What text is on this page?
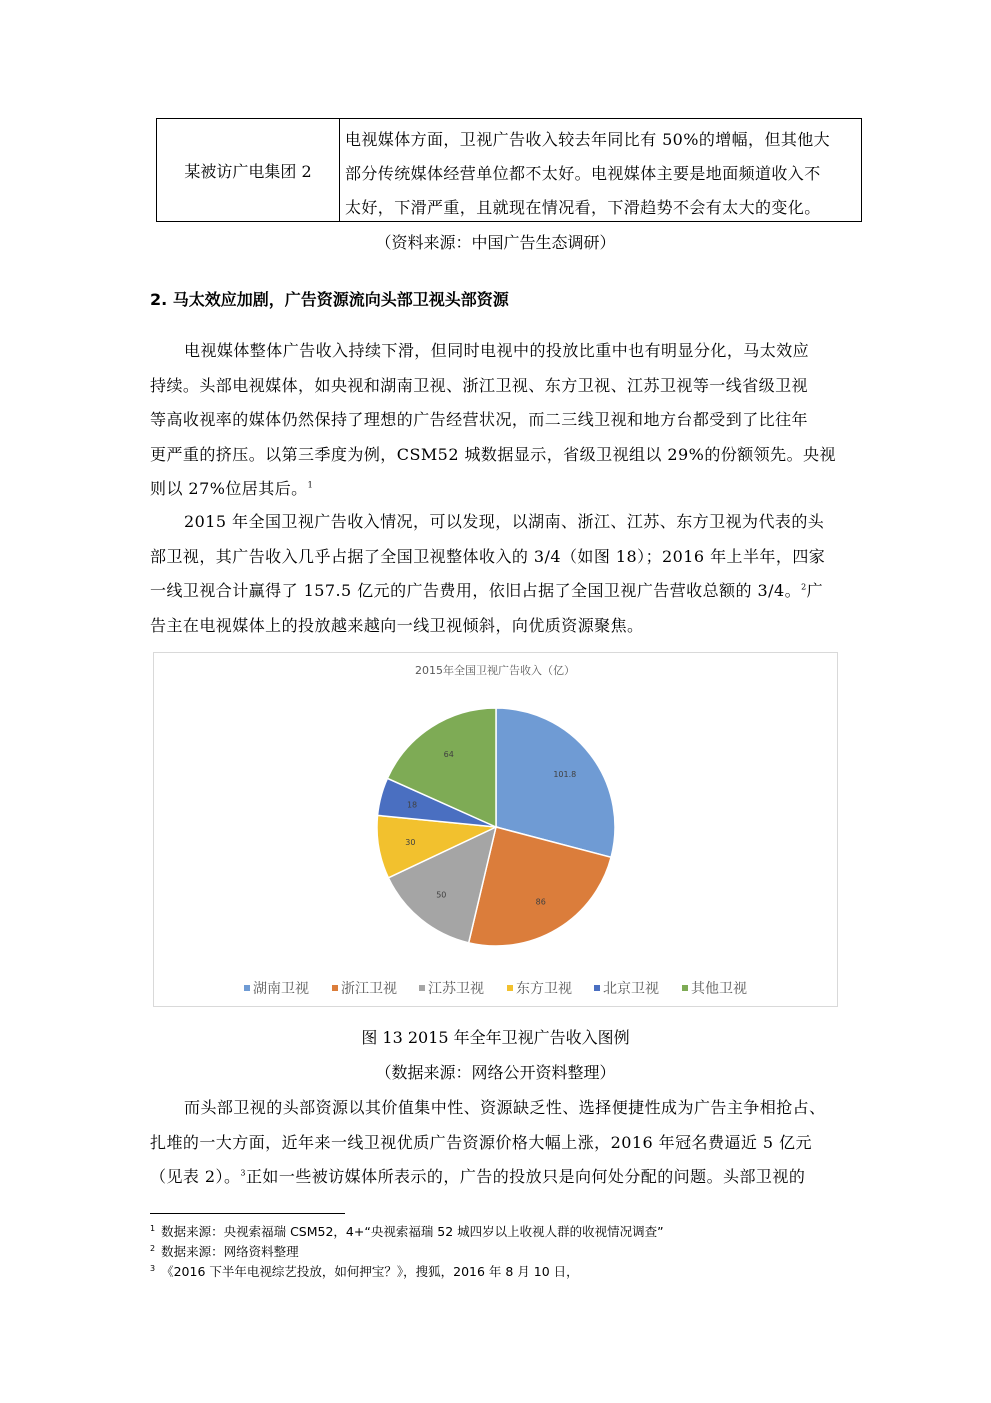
某被访广电集团 2
电视媒体方面，卫视广告收入较去年同比有 50%的增幅，但其他大
部分传统媒体经营单位都不太好。电视媒体主要是地面频道收入不
太好，下滑严重，且就现在情况看，下滑趋势不会有太大的变化。
（资料来源：中国广告生态调研）
2. 马太效应加剧，广告资源流向头部卫视头部资源
电视媒体整体广告收入持续下滑，但同时电视中的投放比重中也有明显分化，马太效应
持续。头部电视媒体，如央视和湖南卫视、浙江卫视、东方卫视、江苏卫视等一线省级卫视
等高收视率的媒体仍然保持了理想的广告经营状况，而二三线卫视和地方台都受到了比往年
更严重的挤压。以第三季度为例，CSM52 城数据显示，省级卫视组以 29%的份额领先。央视
则以 27%位居其后。$^1$
2015 年全国卫视广告收入情况，可以发现，以湖南、浙江、江苏、东方卫视为代表的头
部卫视，其广告收入几乎占据了全国卫视整体收入的 3/4（如图 18）；2016 年上半年，四家
一线卫视合计赢得了 157.5 亿元的广告费用，依旧占据了全国卫视广告营收总额的 3/4。$^2$广
告主在电视媒体上的投放越来越向一线卫视倾斜，向优质资源聚焦。
2015年全国卫视广告收入（亿）
101.8
86
50
30
18
64
湖南卫视 浙江卫视 江苏卫视 东方卫视 北京卫视 其他卫视
图 13 2015 年全年卫视广告收入图例
（数据来源：网络公开资料整理）
而头部卫视的头部资源以其价值集中性、资源缺乏性、选择便捷性成为广告主争相抢占、
扎堆的一大方面，近年来一线卫视优质广告资源价格大幅上涨，2016 年冠名费逼近 5 亿元
（见表 2）。$^3$正如一些被访媒体所表示的，广告的投放只是向何处分配的问题。头部卫视的
$^1$ 数据来源：央视索福瑞 CSM52，4+“央视索福瑞 52 城四岁以上收视人群的收视情况调查”
$^2$ 数据来源：网络资料整理
$^3$ 《2016 下半年电视综艺投放，如何押宝？》，搜狐，2016 年 8 月 10 日，
